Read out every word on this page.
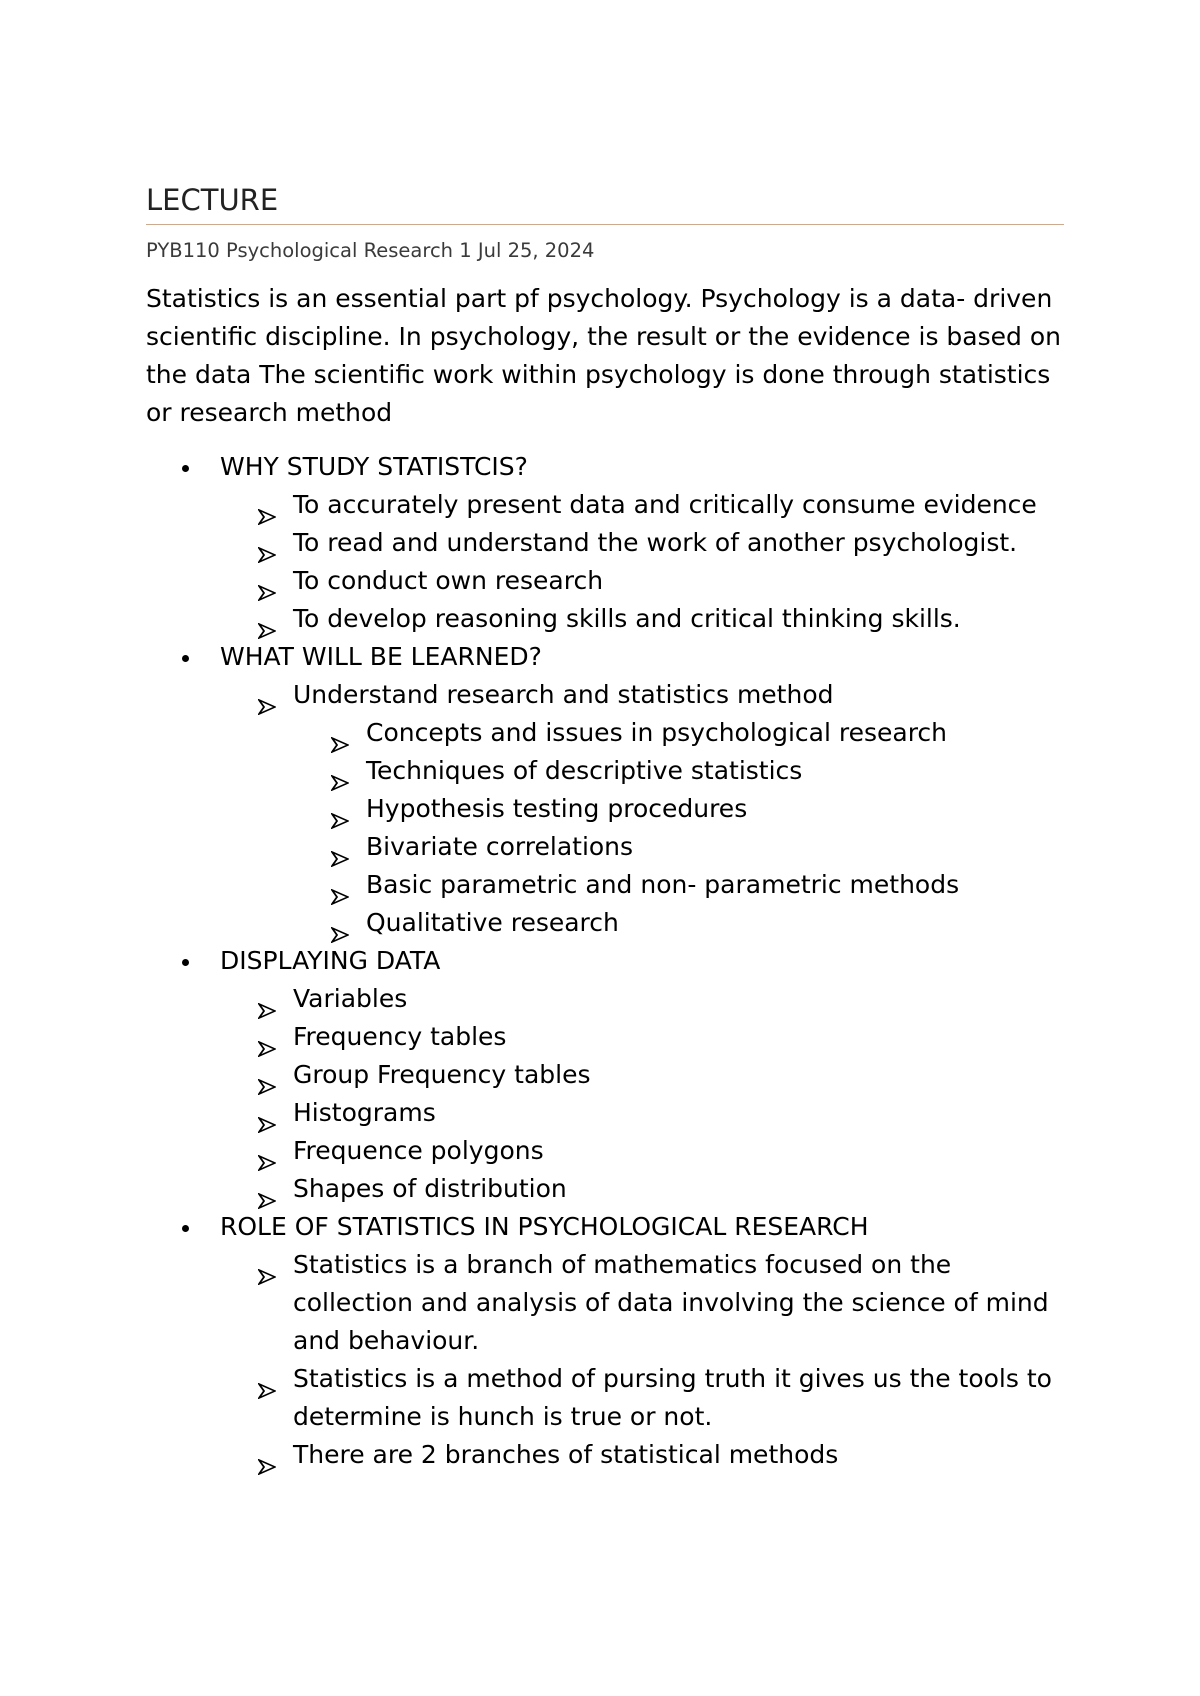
LECTURE
PYB110 Psychological Research 1 Jul 25, 2024

Statistics is an essential part pf psychology. Psychology is a data- driven scientific discipline. In psychology, the result or the evidence is based on the data The scientific work within psychology is done through statistics or research method

WHY STUDY STATISTCIS?
To accurately present data and critically consume evidence
To read and understand the work of another psychologist.
To conduct own research
To develop reasoning skills and critical thinking skills.
WHAT WILL BE LEARNED?
Understand research and statistics method
Concepts and issues in psychological research
Techniques of descriptive statistics
Hypothesis testing procedures
Bivariate correlations
Basic parametric and non- parametric methods
Qualitative research
DISPLAYING DATA
Variables
Frequency tables
Group Frequency tables
Histograms
Frequence polygons
Shapes of distribution
ROLE OF STATISTICS IN PSYCHOLOGICAL RESEARCH
Statistics is a branch of mathematics focused on the collection and analysis of data involving the science of mind and behaviour.
Statistics is a method of pursing truth it gives us the tools to determine is hunch is true or not.
There are 2 branches of statistical methods
